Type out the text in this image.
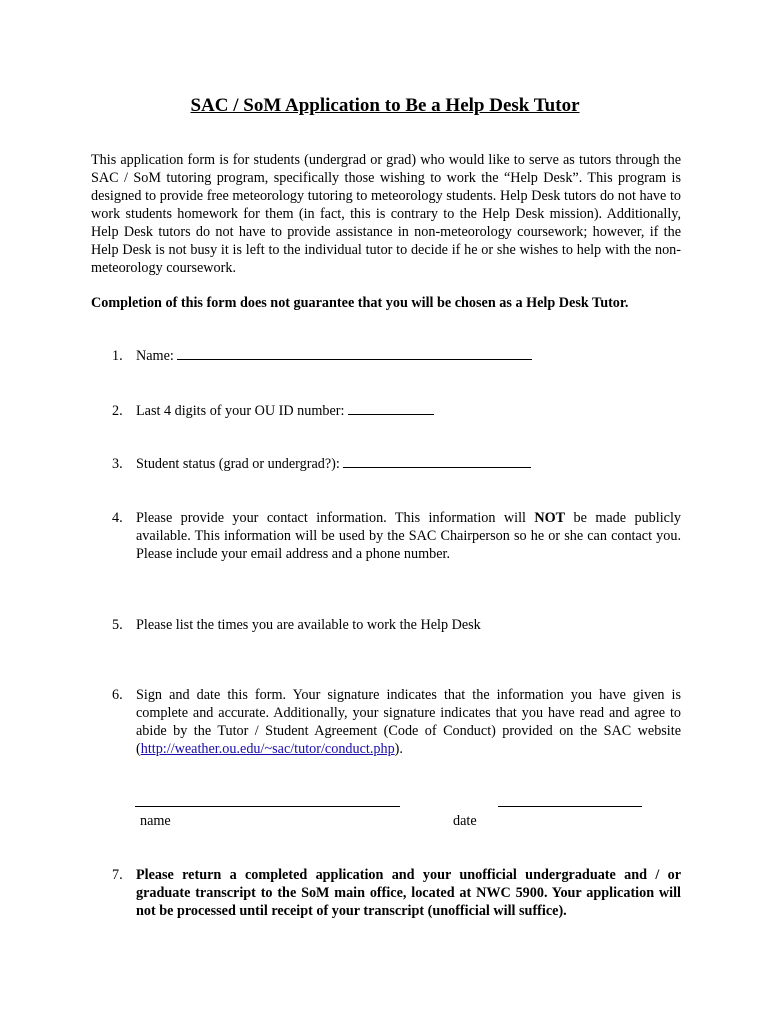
SAC / SoM Application to Be a Help Desk Tutor
This application form is for students (undergrad or grad) who would like to serve as tutors through the SAC / SoM tutoring program, specifically those wishing to work the “Help Desk”. This program is designed to provide free meteorology tutoring to meteorology students. Help Desk tutors do not have to work students homework for them (in fact, this is contrary to the Help Desk mission). Additionally, Help Desk tutors do not have to provide assistance in non-meteorology coursework; however, if the Help Desk is not busy it is left to the individual tutor to decide if he or she wishes to help with the non-meteorology coursework.
Completion of this form does not guarantee that you will be chosen as a Help Desk Tutor.
1. Name:
2. Last 4 digits of your OU ID number:
3. Student status (grad or undergrad?):
4. Please provide your contact information. This information will NOT be made publicly available. This information will be used by the SAC Chairperson so he or she can contact you. Please include your email address and a phone number.
5. Please list the times you are available to work the Help Desk
6. Sign and date this form. Your signature indicates that the information you have given is complete and accurate. Additionally, your signature indicates that you have read and agree to abide by the Tutor / Student Agreement (Code of Conduct) provided on the SAC website (http://weather.ou.edu/~sac/tutor/conduct.php).
name	date
7. Please return a completed application and your unofficial undergraduate and / or graduate transcript to the SoM main office, located at NWC 5900. Your application will not be processed until receipt of your transcript (unofficial will suffice).
